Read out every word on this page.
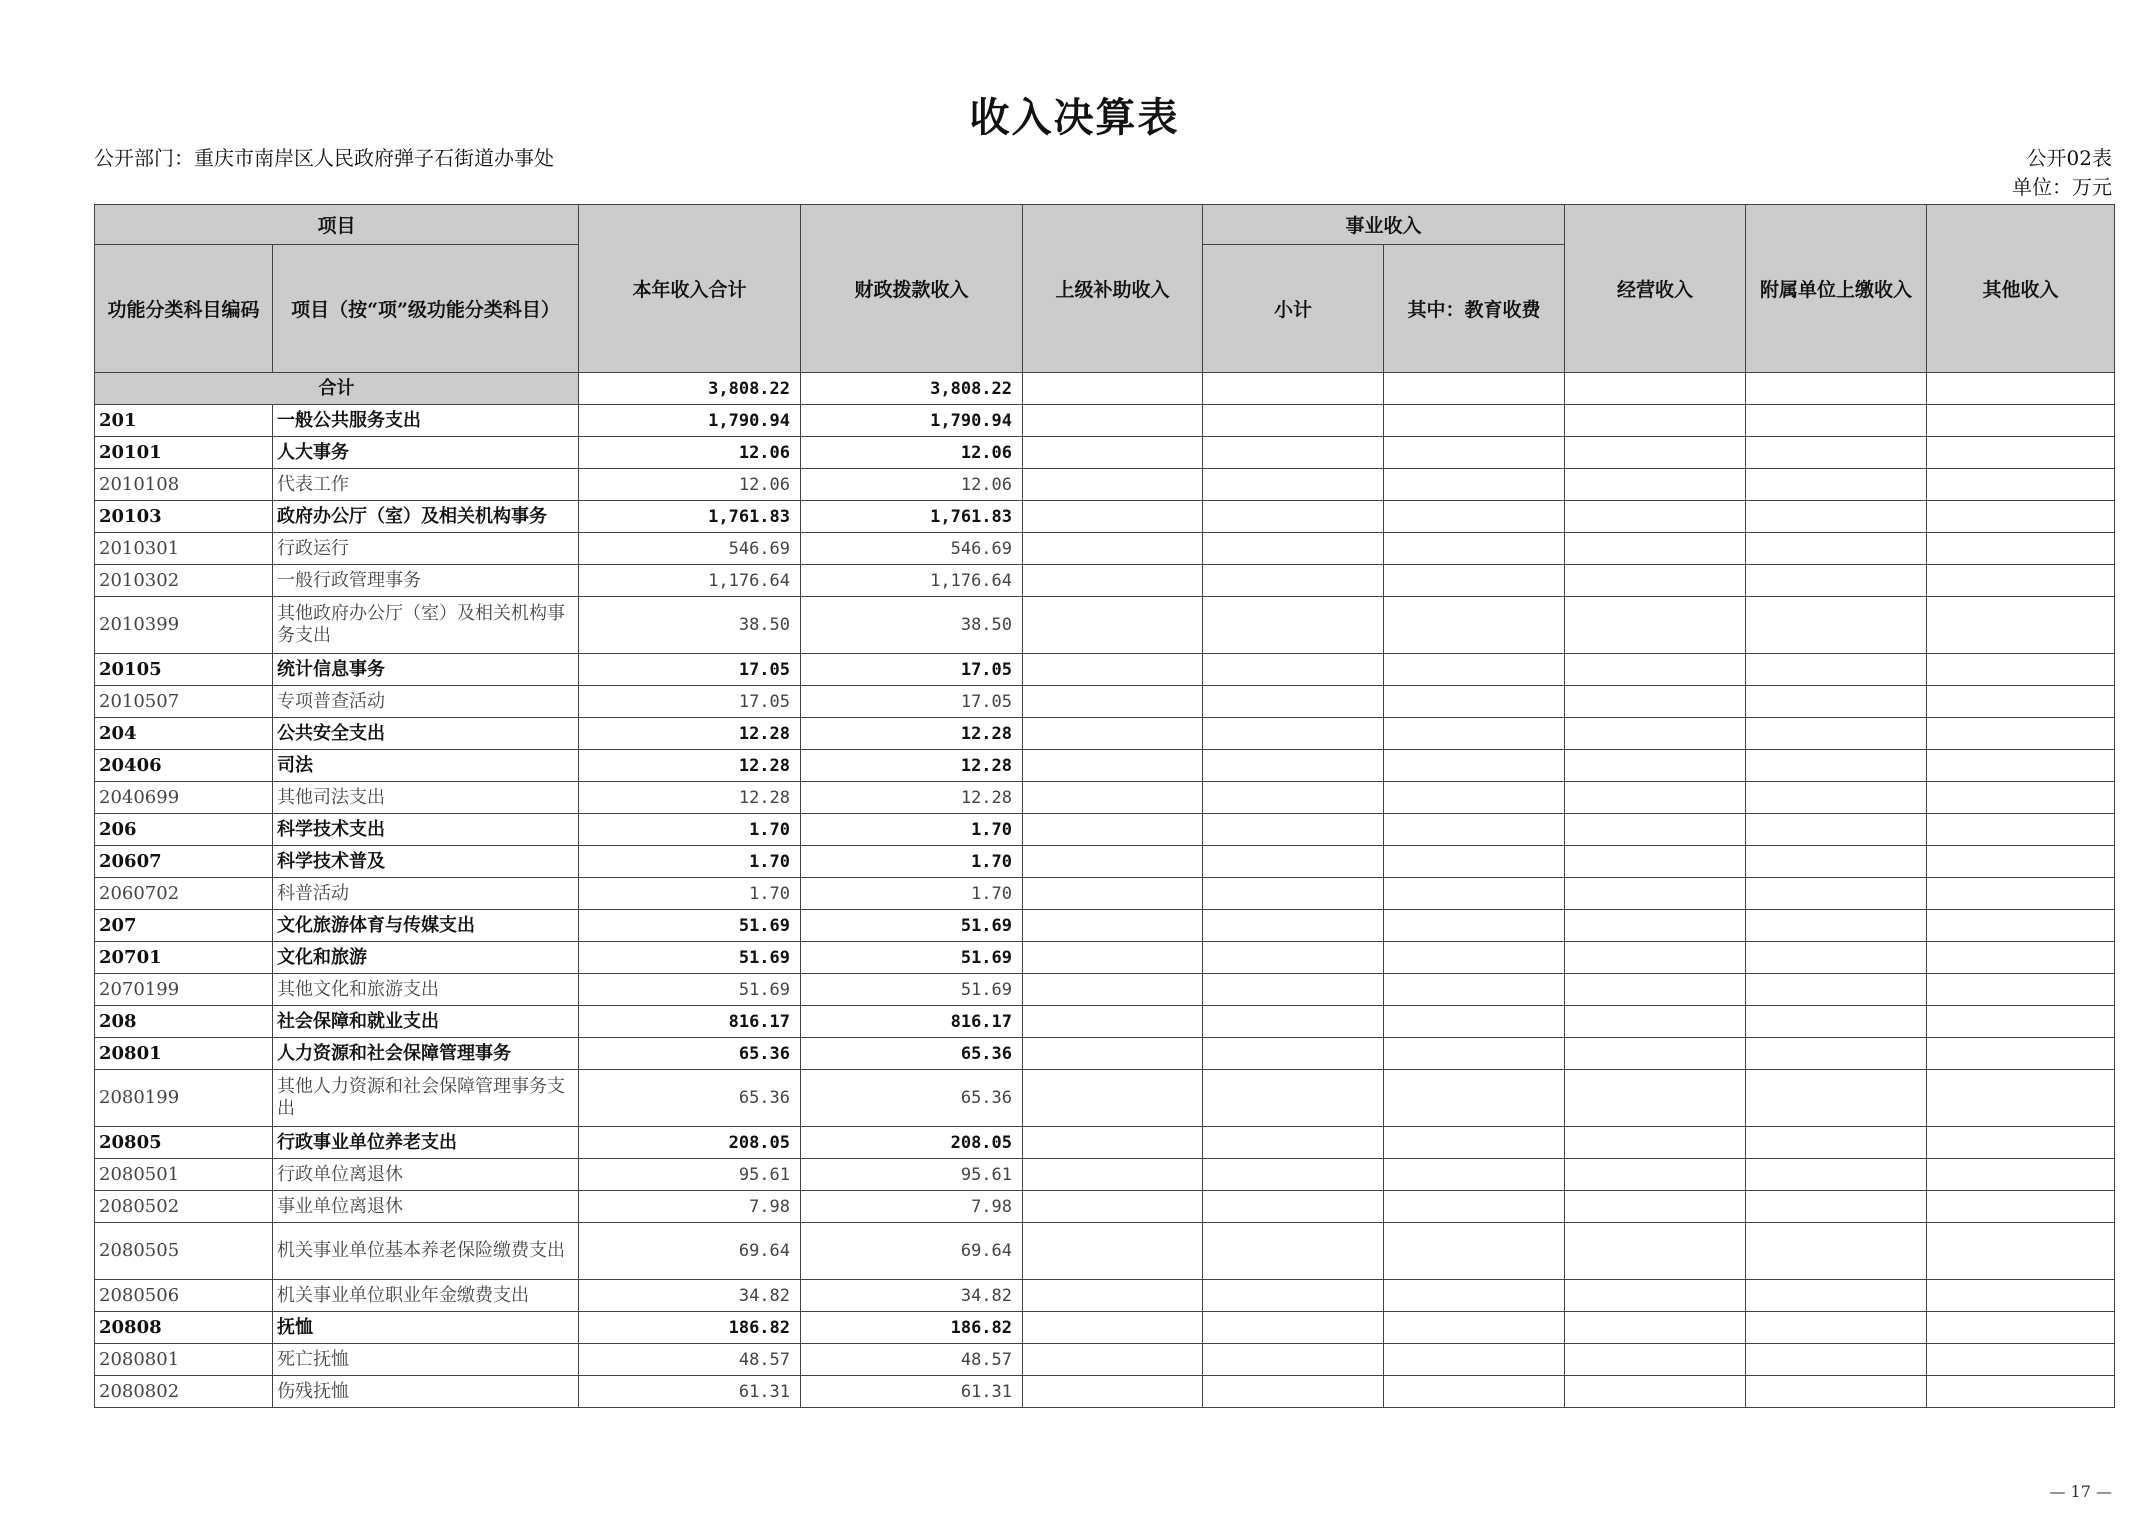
收入决算表
公开部门：重庆市南岸区人民政府弹子石街道办事处	公开02表
单位：万元
项目		本年收入合计	财政拨款收入	上级补助收入	事业收入		经营收入	附属单位上缴收入	其他收入
功能分类科目编码	项目（按“项”级功能分类科目）				小计	其中：教育收费			
合计		3,808.22	3,808.22						
201	一般公共服务支出	1,790.94	1,790.94						
20101	人大事务	12.06	12.06						
2010108	代表工作	12.06	12.06						
20103	政府办公厅（室）及相关机构事务	1,761.83	1,761.83						
2010301	行政运行	546.69	546.69						
2010302	一般行政管理事务	1,176.64	1,176.64						
2010399	其他政府办公厅（室）及相关机构事务支出	38.50	38.50						
20105	统计信息事务	17.05	17.05						
2010507	专项普查活动	17.05	17.05						
204	公共安全支出	12.28	12.28						
20406	司法	12.28	12.28						
2040699	其他司法支出	12.28	12.28						
206	科学技术支出	1.70	1.70						
20607	科学技术普及	1.70	1.70						
2060702	科普活动	1.70	1.70						
207	文化旅游体育与传媒支出	51.69	51.69						
20701	文化和旅游	51.69	51.69						
2070199	其他文化和旅游支出	51.69	51.69						
208	社会保障和就业支出	816.17	816.17						
20801	人力资源和社会保障管理事务	65.36	65.36						
2080199	其他人力资源和社会保障管理事务支出	65.36	65.36						
20805	行政事业单位养老支出	208.05	208.05						
2080501	行政单位离退休	95.61	95.61						
2080502	事业单位离退休	7.98	7.98						
2080505	机关事业单位基本养老保险缴费支出	69.64	69.64						
2080506	机关事业单位职业年金缴费支出	34.82	34.82						
20808	抚恤	186.82	186.82						
2080801	死亡抚恤	48.57	48.57						
2080802	伤残抚恤	61.31	61.31						
— 17 —
